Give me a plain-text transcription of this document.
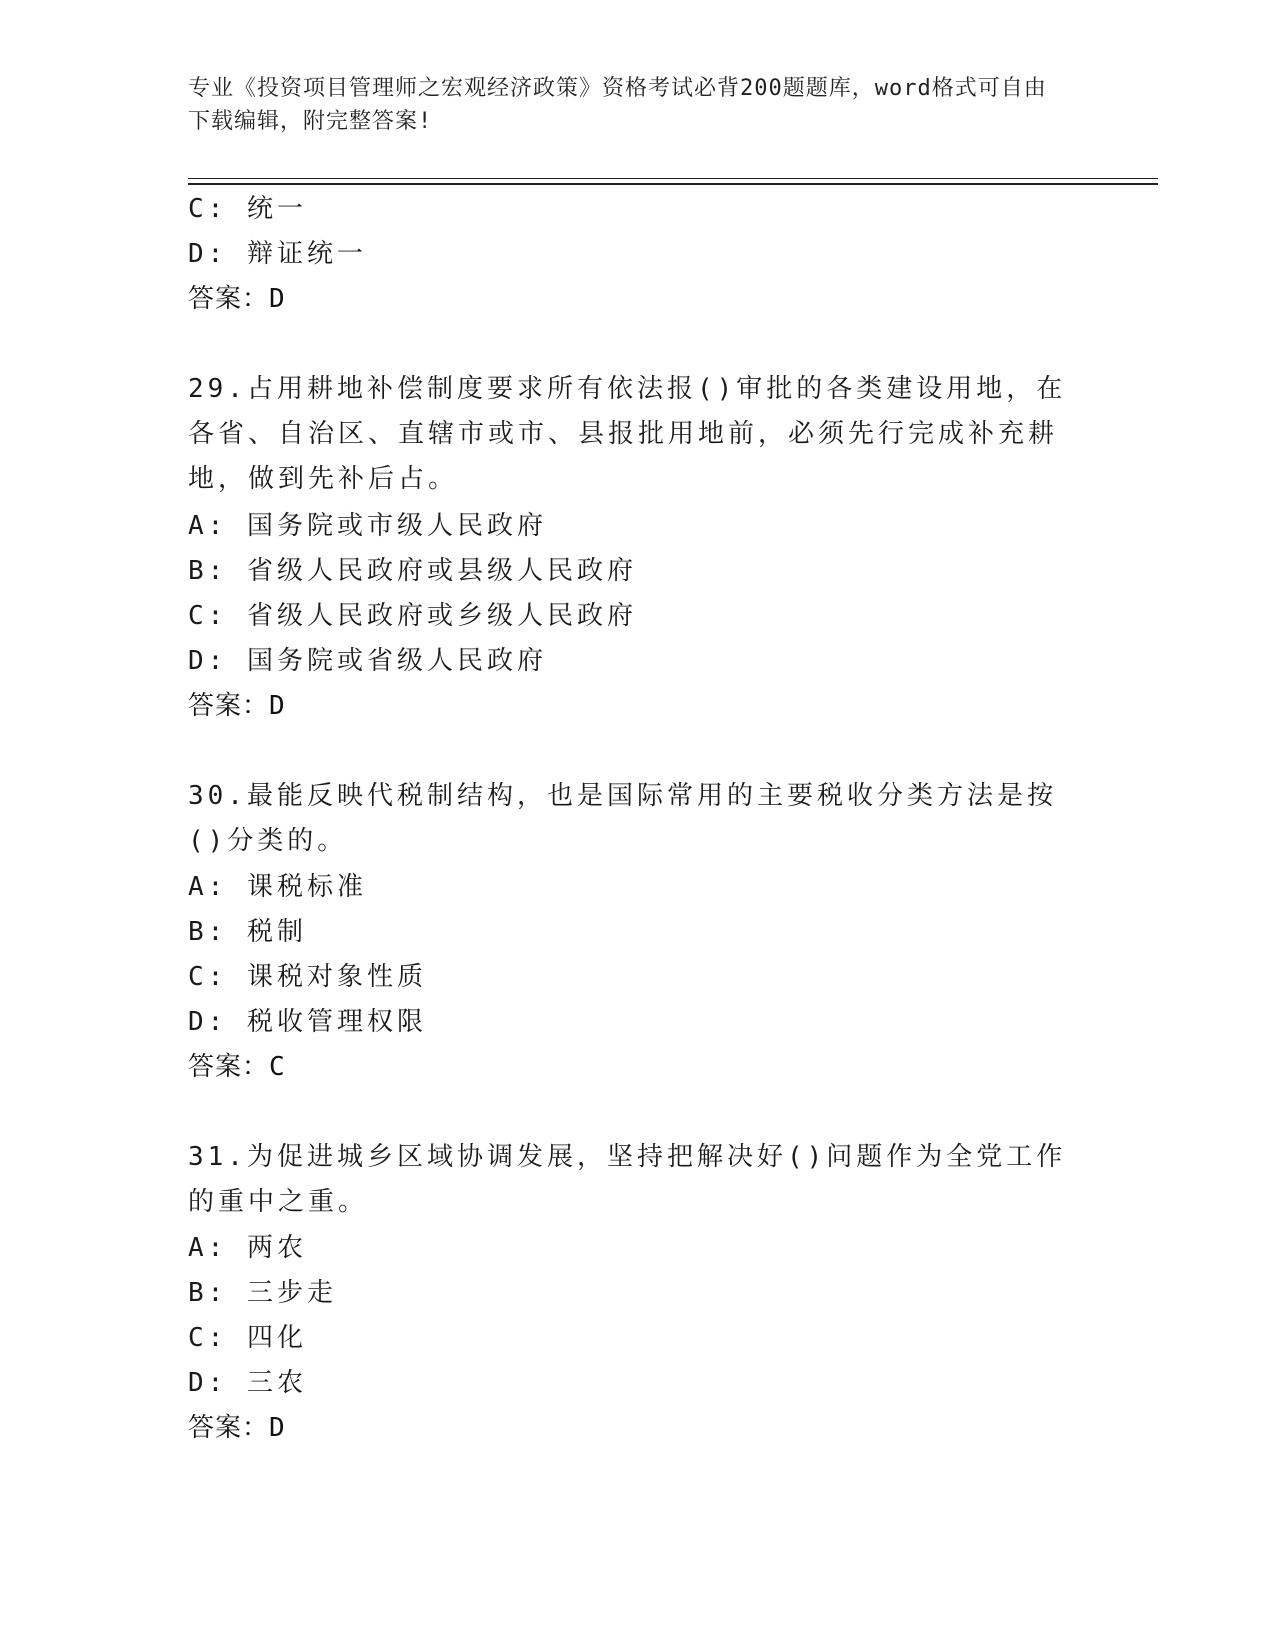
专业《投资项目管理师之宏观经济政策》资格考试必背200题题库，word格式可自由下载编辑，附完整答案!
C: 统一
D: 辩证统一
答案：D
29.占用耕地补偿制度要求所有依法报()审批的各类建设用地，在各省、自治区、直辖市或市、县报批用地前，必须先行完成补充耕地，做到先补后占。
A: 国务院或市级人民政府
B: 省级人民政府或县级人民政府
C: 省级人民政府或乡级人民政府
D: 国务院或省级人民政府
答案：D
30.最能反映代税制结构，也是国际常用的主要税收分类方法是按()分类的。
A: 课税标准
B: 税制
C: 课税对象性质
D: 税收管理权限
答案：C
31.为促进城乡区域协调发展，坚持把解决好()问题作为全党工作的重中之重。
A: 两农
B: 三步走
C: 四化
D: 三农
答案：D
